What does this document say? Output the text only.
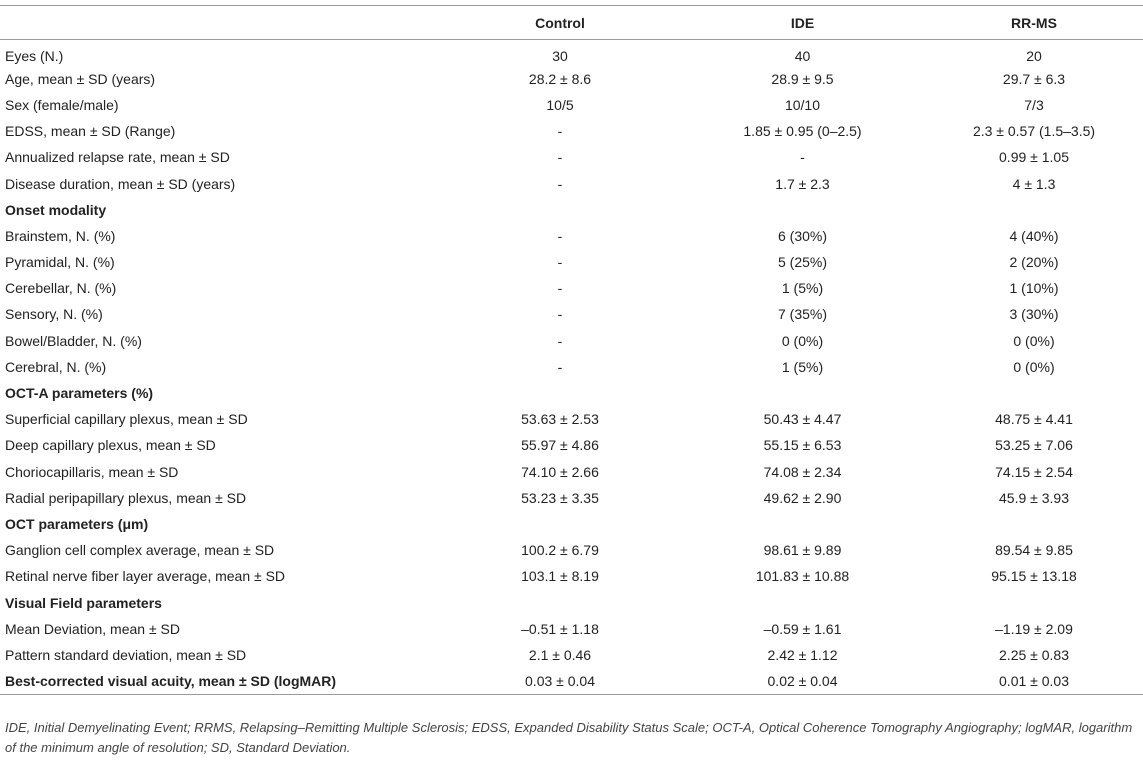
	Control	IDE	RR-MS
Eyes (N.)	30	40	20
Age, mean ± SD (years)	28.2 ± 8.6	28.9 ± 9.5	29.7 ± 6.3
Sex (female/male)	10/5	10/10	7/3
EDSS, mean ± SD (Range)	-	1.85 ± 0.95 (0–2.5)	2.3 ± 0.57 (1.5–3.5)
Annualized relapse rate, mean ± SD	-	-	0.99 ± 1.05
Disease duration, mean ± SD (years)	-	1.7 ± 2.3	4 ± 1.3
Onset modality			
Brainstem, N. (%)	-	6 (30%)	4 (40%)
Pyramidal, N. (%)	-	5 (25%)	2 (20%)
Cerebellar, N. (%)	-	1 (5%)	1 (10%)
Sensory, N. (%)	-	7 (35%)	3 (30%)
Bowel/Bladder, N. (%)	-	0 (0%)	0 (0%)
Cerebral, N. (%)	-	1 (5%)	0 (0%)
OCT-A parameters (%)			
Superficial capillary plexus, mean ± SD	53.63 ± 2.53	50.43 ± 4.47	48.75 ± 4.41
Deep capillary plexus, mean ± SD	55.97 ± 4.86	55.15 ± 6.53	53.25 ± 7.06
Choriocapillaris, mean ± SD	74.10 ± 2.66	74.08 ± 2.34	74.15 ± 2.54
Radial peripapillary plexus, mean ± SD	53.23 ± 3.35	49.62 ± 2.90	45.9 ± 3.93
OCT parameters (μm)			
Ganglion cell complex average, mean ± SD	100.2 ± 6.79	98.61 ± 9.89	89.54 ± 9.85
Retinal nerve fiber layer average, mean ± SD	103.1 ± 8.19	101.83 ± 10.88	95.15 ± 13.18
Visual Field parameters			
Mean Deviation, mean ± SD	–0.51 ± 1.18	–0.59 ± 1.61	–1.19 ± 2.09
Pattern standard deviation, mean ± SD	2.1 ± 0.46	2.42 ± 1.12	2.25 ± 0.83
Best-corrected visual acuity, mean ± SD (logMAR)	0.03 ± 0.04	0.02 ± 0.04	0.01 ± 0.03
IDE, Initial Demyelinating Event; RRMS, Relapsing–Remitting Multiple Sclerosis; EDSS, Expanded Disability Status Scale; OCT-A, Optical Coherence Tomography Angiography; logMAR, logarithm of the minimum angle of resolution; SD, Standard Deviation.
